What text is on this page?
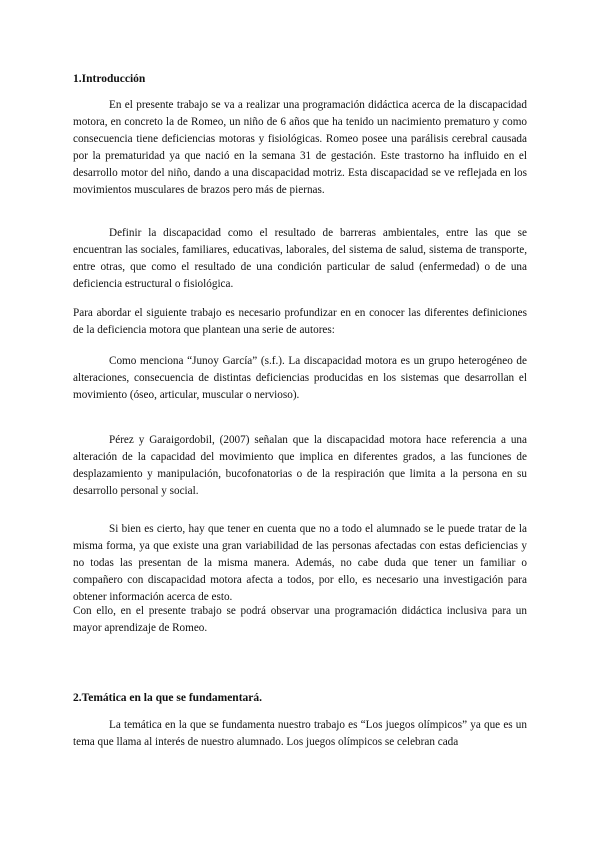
1.Introducción

En el presente trabajo se va a realizar una programación didáctica acerca de la discapacidad motora, en concreto la de Romeo, un niño de 6 años que ha tenido un nacimiento prematuro y como consecuencia tiene deficiencias motoras y fisiológicas. Romeo posee una parálisis cerebral causada por la prematuridad ya que nació en la semana 31 de gestación. Este trastorno ha influido en el desarrollo motor del niño, dando a una discapacidad motriz. Esta discapacidad se ve reflejada en los movimientos musculares de brazos pero más de piernas.

Definir la discapacidad como el resultado de barreras ambientales, entre las que se encuentran las sociales, familiares, educativas, laborales, del sistema de salud, sistema de transporte, entre otras, que como el resultado de una condición particular de salud (enfermedad) o de una deficiencia estructural o fisiológica.

Para abordar el siguiente trabajo es necesario profundizar en en conocer las diferentes definiciones de la deficiencia motora que plantean una serie de autores:

Como menciona “Junoy García” (s.f.). La discapacidad motora es un grupo heterogéneo de alteraciones, consecuencia de distintas deficiencias producidas en los sistemas que desarrollan el movimiento (óseo, articular, muscular o nervioso).

Pérez y Garaigordobil, (2007) señalan que la discapacidad motora hace referencia a una alteración de la capacidad del movimiento que implica en diferentes grados, a las funciones de desplazamiento y manipulación, bucofonatorias o de la respiración que limita a la persona en su desarrollo personal y social.

Si bien es cierto, hay que tener en cuenta que no a todo el alumnado se le puede tratar de la misma forma, ya que existe una gran variabilidad de las personas afectadas con estas deficiencias y no todas las presentan de la misma manera. Además, no cabe duda que tener un familiar o compañero con discapacidad motora afecta a todos, por ello, es necesario una investigación para obtener información acerca de esto.

Con ello, en el presente trabajo se podrá observar una programación didáctica inclusiva para un mayor aprendizaje de Romeo.

2.Temática en la que se fundamentará.

La temática en la que se fundamenta nuestro trabajo es “Los juegos olímpicos” ya que es un tema que llama al interés de nuestro alumnado. Los juegos olímpicos se celebran cada
